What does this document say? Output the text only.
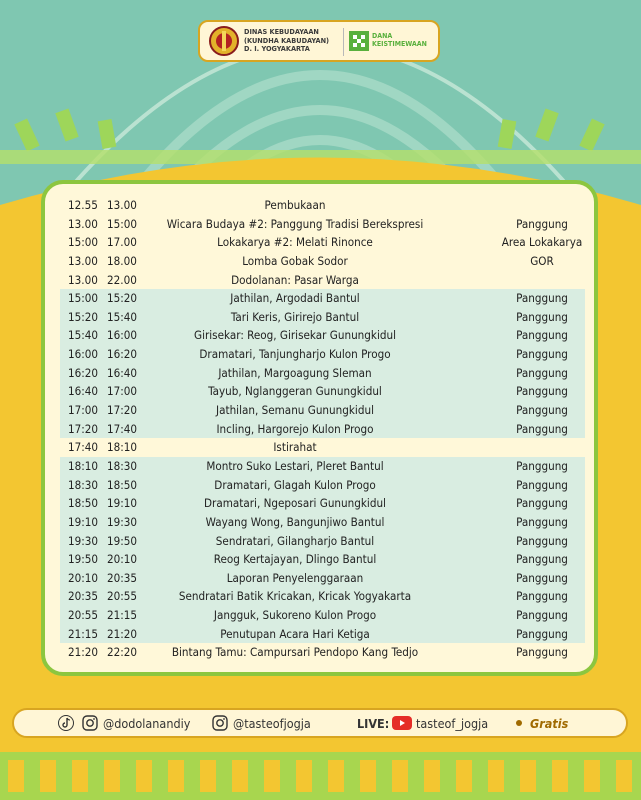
DINAS KEBUDAYAAN
(KUNDHA KABUDAYAN)
D. I. YOGYAKARTA
DANA
KEISTIMEWAAN
12.55 13.00	Pembukaan
13.00 15:00	Wicara Budaya #2: Panggung Tradisi Berekspresi	Panggung
15:00 17.00	Lokakarya #2: Melati Rinonce	Area Lokakarya
13.00 18.00	Lomba Gobak Sodor	GOR
13.00 22.00	Dodolanan: Pasar Warga
15:00 15:20	Jathilan, Argodadi Bantul	Panggung
15:20 15:40	Tari Keris, Girirejo Bantul	Panggung
15:40 16:00	Girisekar: Reog, Girisekar Gunungkidul	Panggung
16:00 16:20	Dramatari, Tanjungharjo Kulon Progo	Panggung
16:20 16:40	Jathilan, Margoagung Sleman	Panggung
16:40 17:00	Tayub, Nglanggeran Gunungkidul	Panggung
17:00 17:20	Jathilan, Semanu Gunungkidul	Panggung
17:20 17:40	Incling, Hargorejo Kulon Progo	Panggung
17:40 18:10	Istirahat
18:10 18:30	Montro Suko Lestari, Pleret Bantul	Panggung
18:30 18:50	Dramatari, Glagah Kulon Progo	Panggung
18:50 19:10	Dramatari, Ngeposari Gunungkidul	Panggung
19:10 19:30	Wayang Wong, Bangunjiwo Bantul	Panggung
19:30 19:50	Sendratari, Gilangharjo Bantul	Panggung
19:50 20:10	Reog Kertajayan, Dlingo Bantul	Panggung
20:10 20:35	Laporan Penyelenggaraan	Panggung
20:35 20:55	Sendratari Batik Kricakan, Kricak Yogyakarta	Panggung
20:55 21:15	Jangguk, Sukoreno Kulon Progo	Panggung
21:15 21:20	Penutupan Acara Hari Ketiga	Panggung
21:20 22:20	Bintang Tamu: Campursari Pendopo Kang Tedjo	Panggung
@dodolanandiy	@tasteofjogja	LIVE: tasteof_jogja	Gratis
